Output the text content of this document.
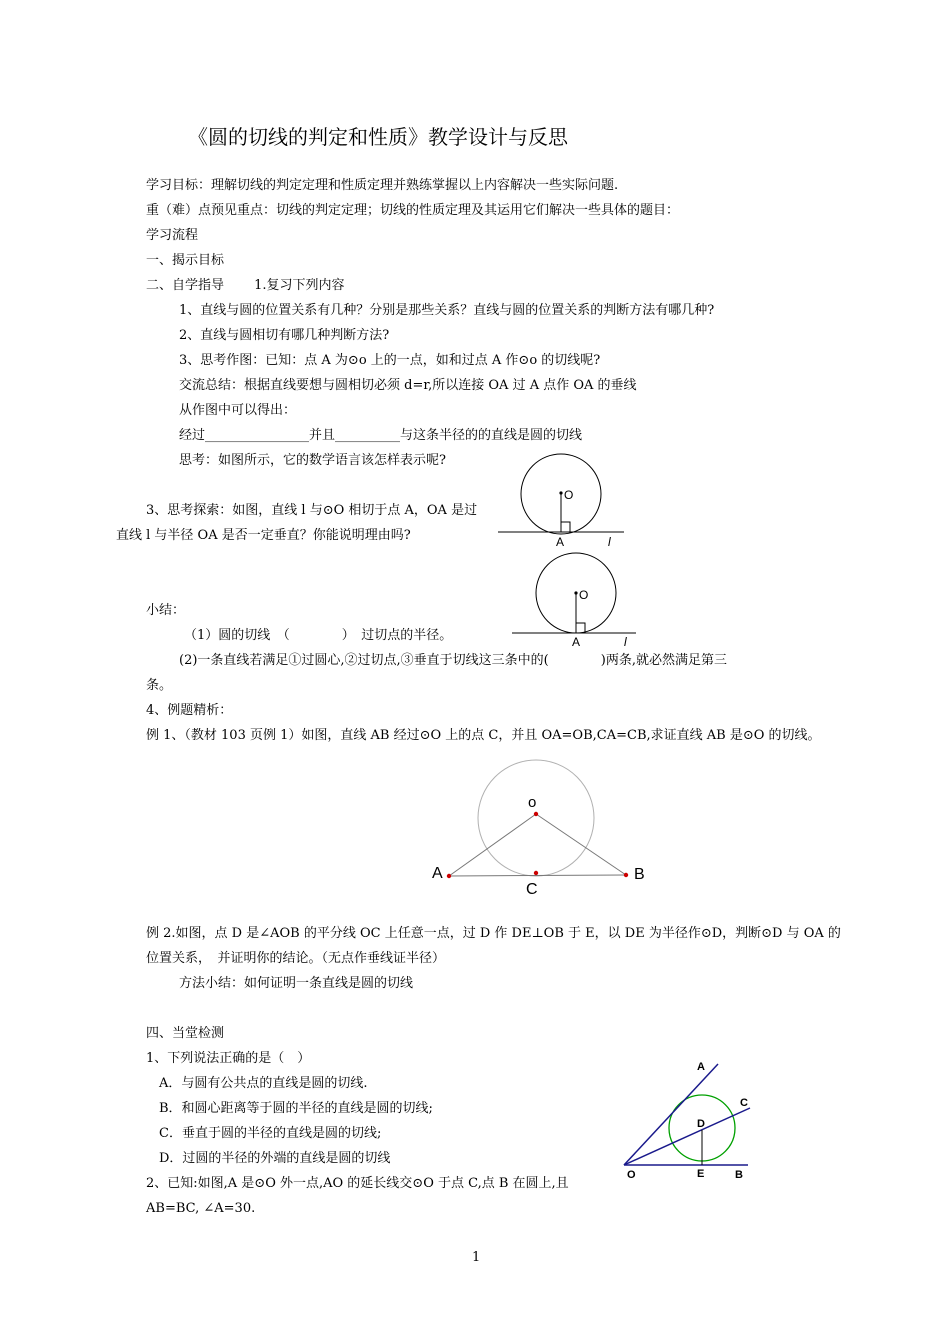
《圆的切线的判定和性质》教学设计与反思
学习目标：理解切线的判定定理和性质定理并熟练掌握以上内容解决一些实际问题.
重（难）点预见重点：切线的判定定理；切线的性质定理及其运用它们解决一些具体的题目：
学习流程
一、揭示目标
二、自学指导　　 1.复习下列内容
1、直线与圆的位置关系有几种？分别是那些关系？直线与圆的位置关系的判断方法有哪几种?
2、直线与圆相切有哪几种判断方法?
3、思考作图：已知：点 A 为⊙o 上的一点，如和过点 A 作⊙o 的切线呢?
交流总结：根据直线要想与圆相切必须 d=r,所以连接 OA 过 A 点作 OA 的垂线
从作图中可以得出：
经过________________并且__________与这条半径的的直线是圆的切线
思考：如图所示，它的数学语言该怎样表示呢?
3、思考探索：如图，直线 l 与⊙O 相切于点 A，OA 是过
直线 l 与半径 OA 是否一定垂直？你能说明理由吗?
小结：
（1）圆的切线　（　　　　）　过切点的半径。
(2)一条直线若满足①过圆心,②过切点,③垂直于切线这三条中的(　　　　)两条,就必然满足第三
条。
4、例题精析：
例 1、（教材 103 页例 1）如图，直线 AB 经过⊙O 上的点 C，并且 OA=OB,CA=CB,求证直线 AB 是⊙O 的切线。
例 2.如图，点 D 是∠AOB 的平分线 OC 上任意一点，过 D 作 DE⊥OB 于 E，以 DE 为半径作⊙D，判断⊙D 与 OA 的
位置关系，　并证明你的结论。（无点作垂线证半径）
方法小结：如何证明一条直线是圆的切线
四、当堂检测
1、下列说法正确的是（　）
A．与圆有公共点的直线是圆的切线.
B．和圆心距离等于圆的半径的直线是圆的切线;
C．垂直于圆的半径的直线是圆的切线;
D．过圆的半径的外端的直线是圆的切线
2、已知:如图,A 是⊙O 外一点,AO 的延长线交⊙O 于点 C,点 B 在圆上,且
AB=BC, ∠A=30.
O
A	l
O
A	l
o
A	B
C
A
C
D
O	E	B
1
